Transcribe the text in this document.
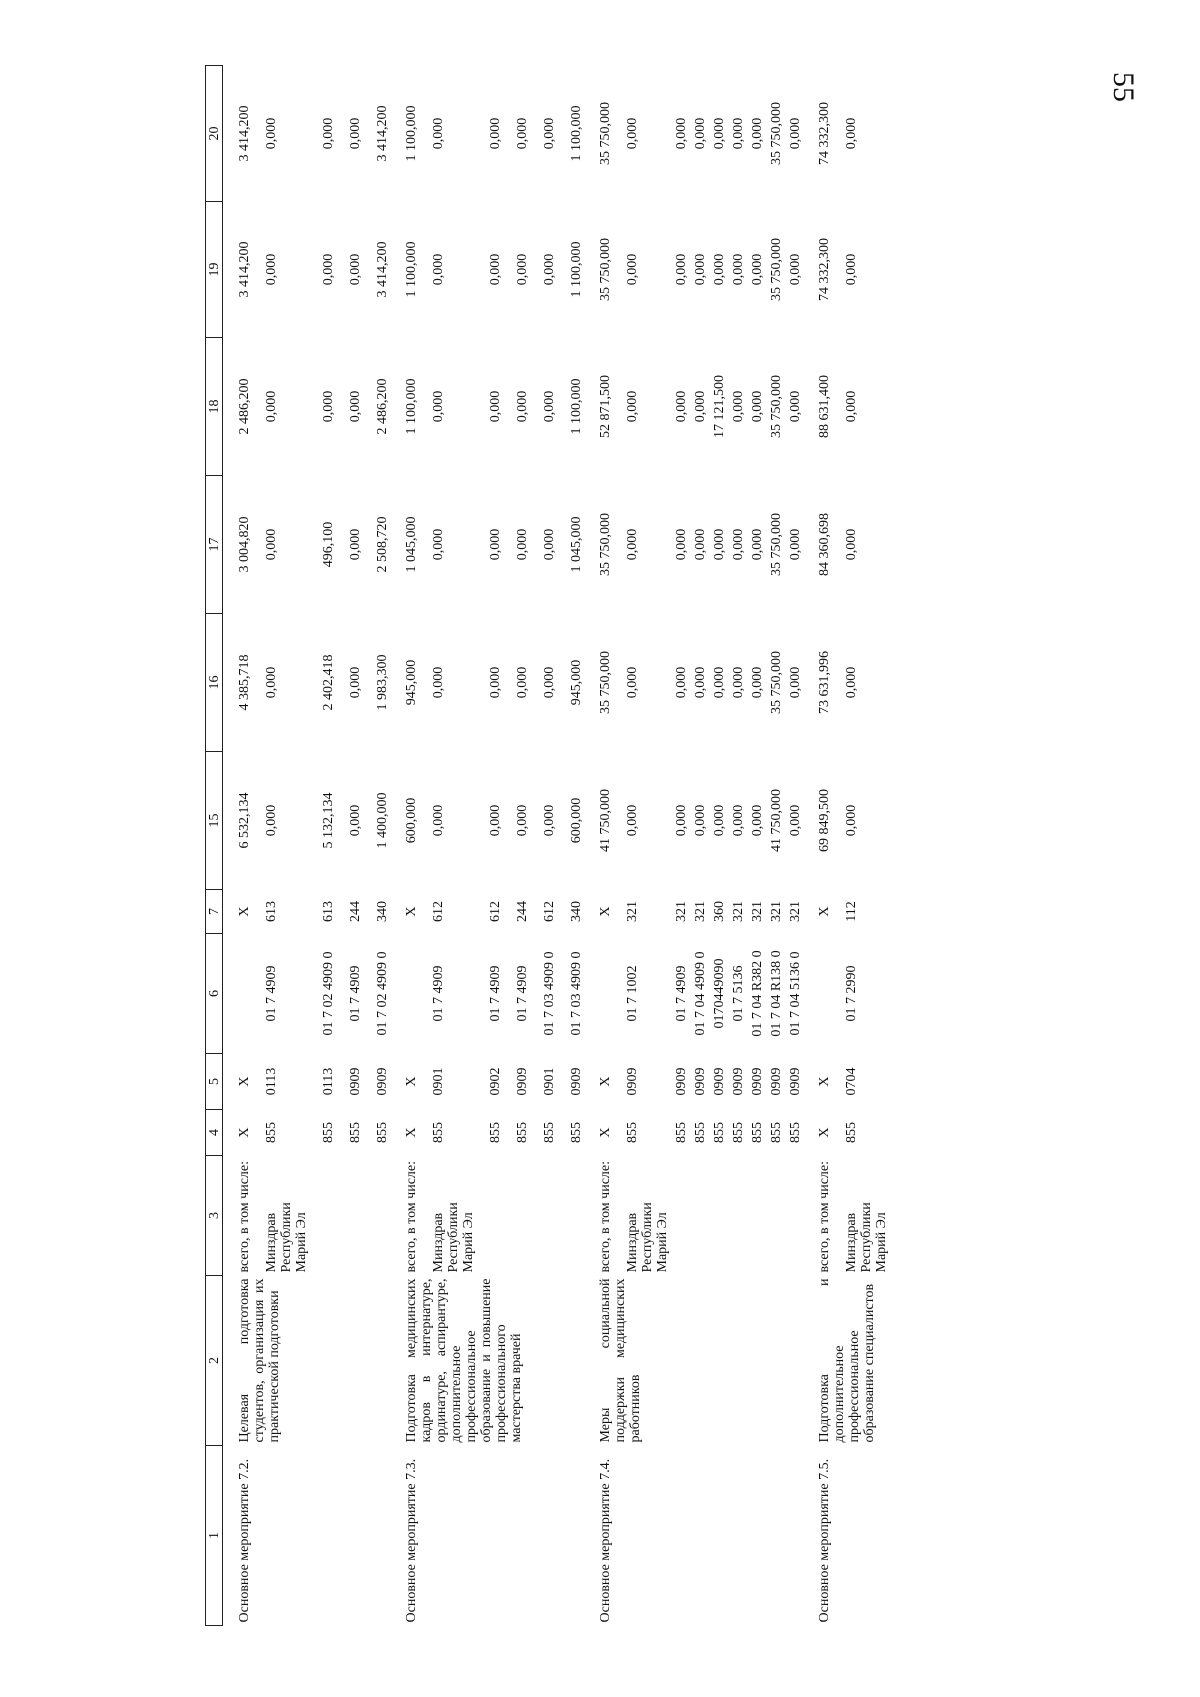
55
1	2	3	4	5	6	7	15	16	17	18	19	20
Основное мероприятие 7.2.	Целевая подготовка студентов, организация их практической подготовки	всего, в том числе:	X	X		X	6 532,134	4 385,718	3 004,820	2 486,200	3 414,200	3 414,200
		Минздрав Республики Марий Эл	855	0113	01 7 4909	613	0,000	0,000	0,000	0,000	0,000	0,000
			855	0113	01 7 02 4909 0	613	5 132,134	2 402,418	496,100	0,000	0,000	0,000
			855	0909	01 7 4909	244	0,000	0,000	0,000	0,000	0,000	0,000
			855	0909	01 7 02 4909 0	340	1 400,000	1 983,300	2 508,720	2 486,200	3 414,200	3 414,200
Основное мероприятие 7.3.	Подготовка медицинских кадров в интернатуре, ординатуре, аспирантуре, дополнительное профессиональное образование и повышение профессионального мастерства врачей	всего, в том числе:	X	X		X	600,000	945,000	1 045,000	1 100,000	1 100,000	1 100,000
		Минздрав Республики Марий Эл	855	0901	01 7 4909	612	0,000	0,000	0,000	0,000	0,000	0,000
			855	0902	01 7 4909	612	0,000	0,000	0,000	0,000	0,000	0,000
			855	0909	01 7 4909	244	0,000	0,000	0,000	0,000	0,000	0,000
			855	0901	01 7 03 4909 0	612	0,000	0,000	0,000	0,000	0,000	0,000
			855	0909	01 7 03 4909 0	340	600,000	945,000	1 045,000	1 100,000	1 100,000	1 100,000
Основное мероприятие 7.4.	Меры социальной поддержки медицинских работников	всего, в том числе:	X	X		X	41 750,000	35 750,000	35 750,000	52 871,500	35 750,000	35 750,000
		Минздрав Республики Марий Эл	855	0909	01 7 1002	321	0,000	0,000	0,000	0,000	0,000	0,000
			855	0909	01 7 4909	321	0,000	0,000	0,000	0,000	0,000	0,000
			855	0909	01 7 04 4909 0	321	0,000	0,000	0,000	0,000	0,000	0,000
			855	0909	0170449090	360	0,000	0,000	0,000	17 121,500	0,000	0,000
			855	0909	01 7 5136	321	0,000	0,000	0,000	0,000	0,000	0,000
			855	0909	01 7 04 R382 0	321	0,000	0,000	0,000	0,000	0,000	0,000
			855	0909	01 7 04 R138 0	321	41 750,000	35 750,000	35 750,000	35 750,000	35 750,000	35 750,000
			855	0909	01 7 04 5136 0	321	0,000	0,000	0,000	0,000	0,000	0,000
Основное мероприятие 7.5.	Подготовка и дополнительное профессиональное образование специалистов	всего, в том числе:	X	X		X	69 849,500	73 631,996	84 360,698	88 631,400	74 332,300	74 332,300
		Минздрав Республики Марий Эл	855	0704	01 7 2990	112	0,000	0,000	0,000	0,000	0,000	0,000
